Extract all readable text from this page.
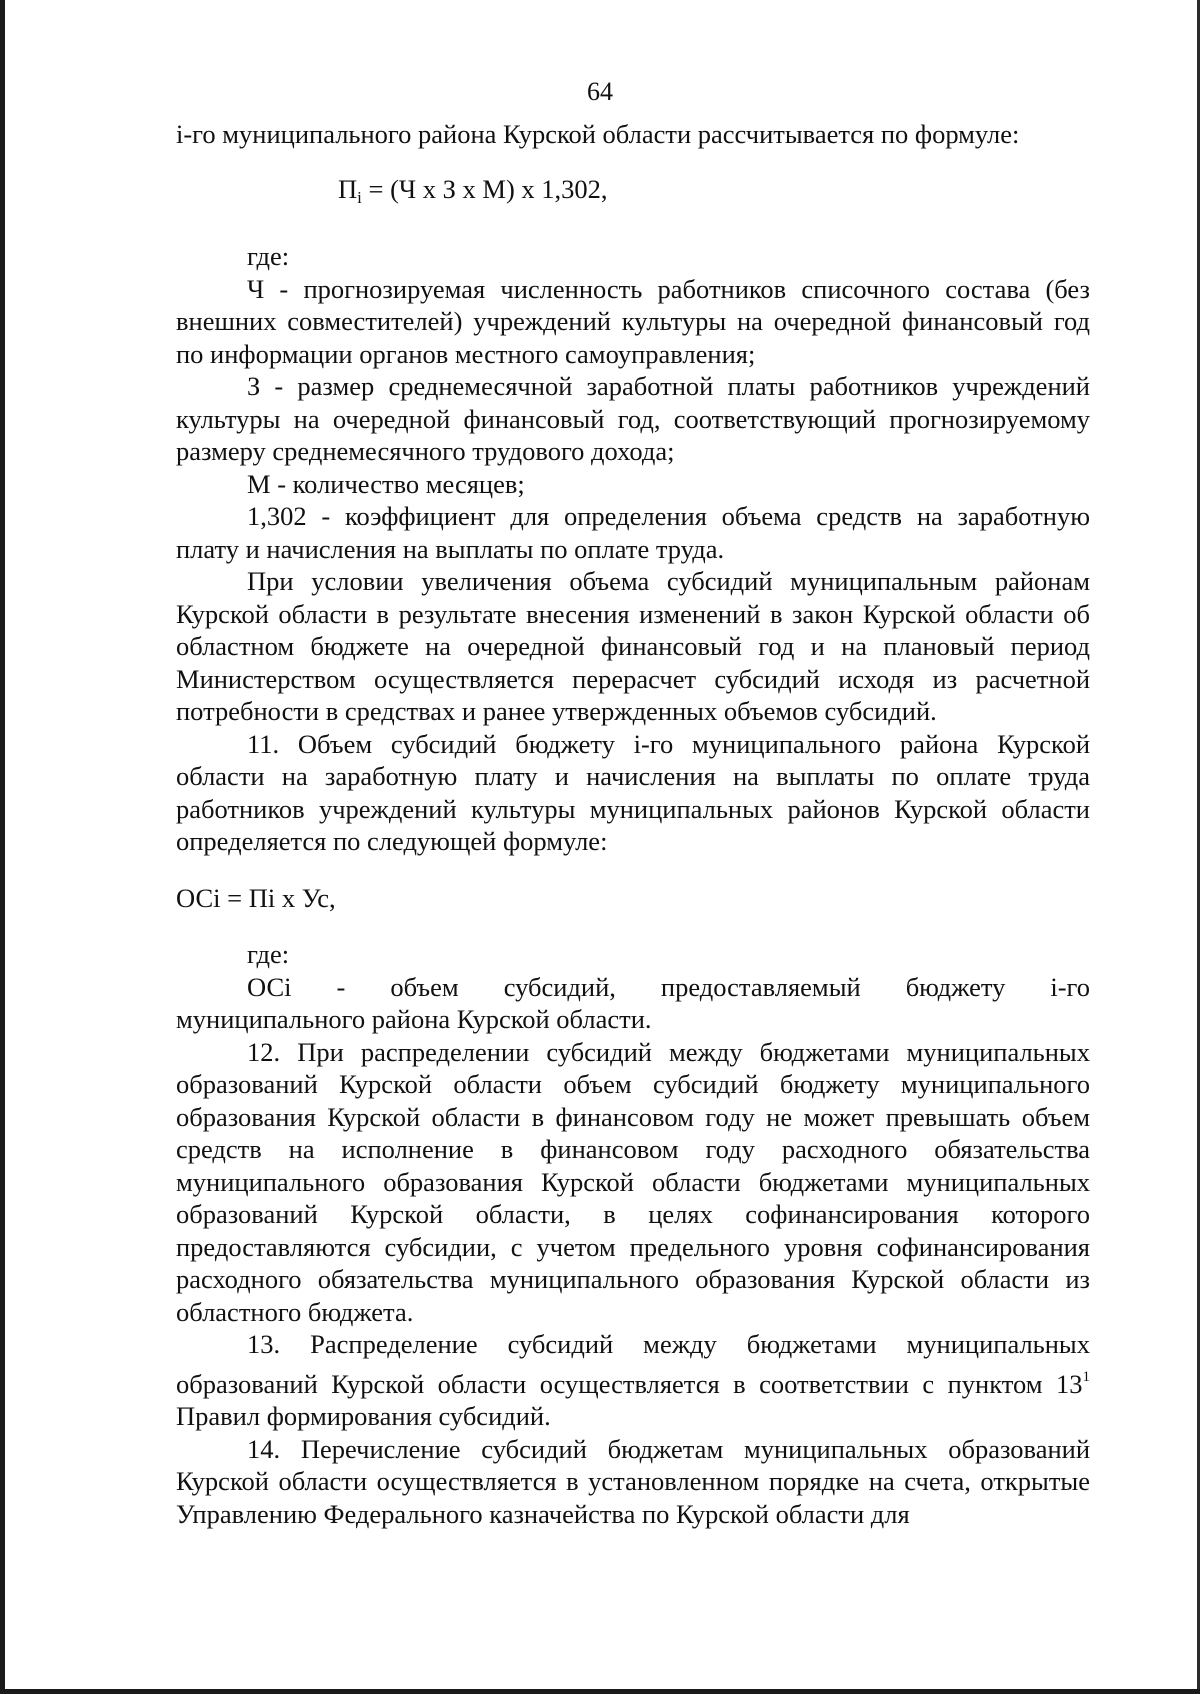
64

i-го муниципального района Курской области рассчитывается по формуле:

$П_i = (Ч$ х З х М) х 1,302,

где:

Ч - прогнозируемая численность работников списочного состава (без внешних совместителей) учреждений культуры на очередной финансовый год по информации органов местного самоуправления;

З - размер среднемесячной заработной платы работников учреждений культуры на очередной финансовый год, соответствующий прогнозируемому размеру среднемесячного трудового дохода;

М - количество месяцев;

1,302 - коэффициент для определения объема средств на заработную плату и начисления на выплаты по оплате труда.

При условии увеличения объема субсидий муниципальным районам Курской области в результате внесения изменений в закон Курской области об областном бюджете на очередной финансовый год и на плановый период Министерством осуществляется перерасчет субсидий исходя из расчетной потребности в средствах и ранее утвержденных объемов субсидий.

11. Объем субсидий бюджету i-го муниципального района Курской области на заработную плату и начисления на выплаты по оплате труда работников учреждений культуры муниципальных районов Курской области определяется по следующей формуле:

ОСi = Пi х Ус,

где:

ОСi - объем субсидий, предоставляемый бюджету i-го

муниципального района Курской области.

12. При распределении субсидий между бюджетами муниципальных образований Курской области объем субсидий бюджету муниципального образования Курской области в финансовом году не может превышать объем средств на исполнение в финансовом году расходного обязательства муниципального образования Курской области бюджетами муниципальных образований Курской области, в целях софинансирования которого предоставляются субсидии, с учетом предельного уровня софинансирования расходного обязательства муниципального образования Курской области из областного бюджета.

13. Распределение субсидий между бюджетами муниципальных образований Курской области осуществляется в соответствии с пунктом $13^1$ Правил формирования субсидий.

14. Перечисление субсидий бюджетам муниципальных образований Курской области осуществляется в установленном порядке на счета, открытые Управлению Федерального казначейства по Курской области для
